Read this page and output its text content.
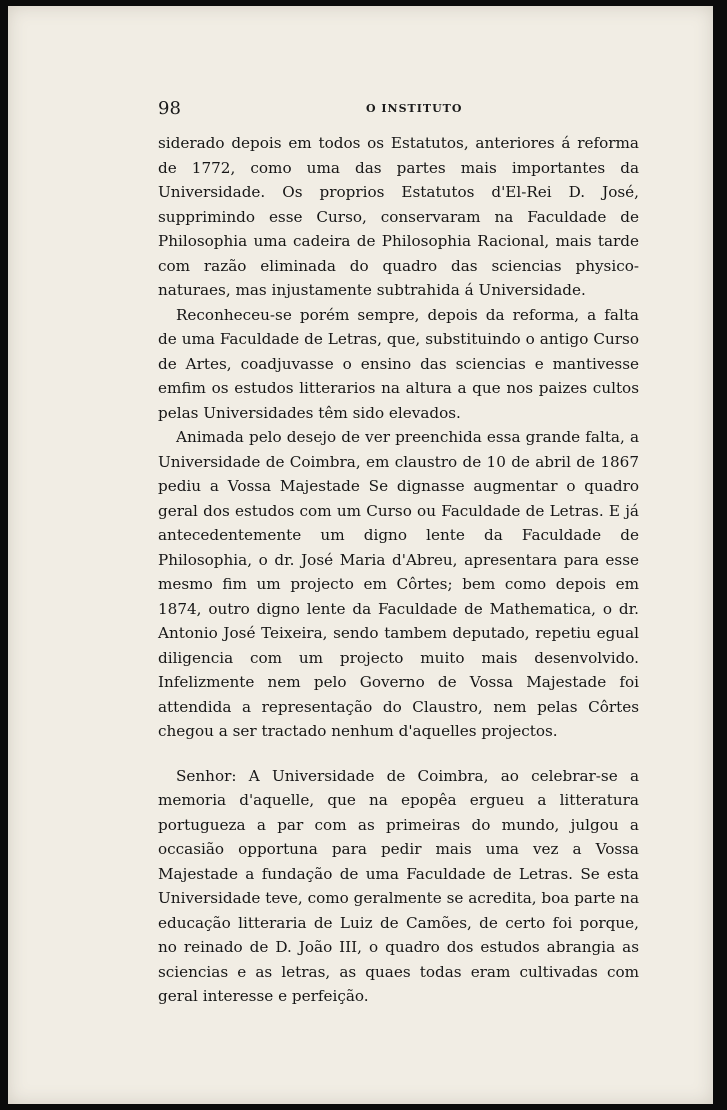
98	O INSTITUTO

siderado depois em todos os Estatutos, anteriores á reforma de 1772, como uma das partes mais importantes da Universidade. Os proprios Estatutos d'El-Rei D. José, supprimindo esse Curso, conservaram na Faculdade de Philosophia uma cadeira de Philosophia Racional, mais tarde com razão eliminada do quadro das sciencias physico-naturaes, mas injustamente subtrahida á Universidade.

Reconheceu-se porém sempre, depois da reforma, a falta de uma Faculdade de Letras, que, substituindo o antigo Curso de Artes, coadjuvasse o ensino das sciencias e mantivesse emfim os estudos litterarios na altura a que nos paizes cultos pelas Universidades têm sido elevados.

Animada pelo desejo de ver preenchida essa grande falta, a Universidade de Coimbra, em claustro de 10 de abril de 1867 pediu a Vossa Majestade Se dignasse augmentar o quadro geral dos estudos com um Curso ou Faculdade de Letras. E já antecedentemente um digno lente da Faculdade de Philosophia, o dr. José Maria d'Abreu, apresentara para esse mesmo fim um projecto em Côrtes; bem como depois em 1874, outro digno lente da Faculdade de Mathematica, o dr. Antonio José Teixeira, sendo tambem deputado, repetiu egual diligencia com um projecto muito mais desenvolvido. Infelizmente nem pelo Governo de Vossa Majestade foi attendida a representação do Claustro, nem pelas Côrtes chegou a ser tractado nenhum d'aquelles projectos.

Senhor: A Universidade de Coimbra, ao celebrar-se a memoria d'aquelle, que na epopêa ergueu a litteratura portugueza a par com as primeiras do mundo, julgou a occasião opportuna para pedir mais uma vez a Vossa Majestade a fundação de uma Faculdade de Letras. Se esta Universidade teve, como geralmente se acredita, boa parte na educação litteraria de Luiz de Camões, de certo foi porque, no reinado de D. João III, o quadro dos estudos abrangia as sciencias e as letras, as quaes todas eram cultivadas com geral interesse e perfeição.
